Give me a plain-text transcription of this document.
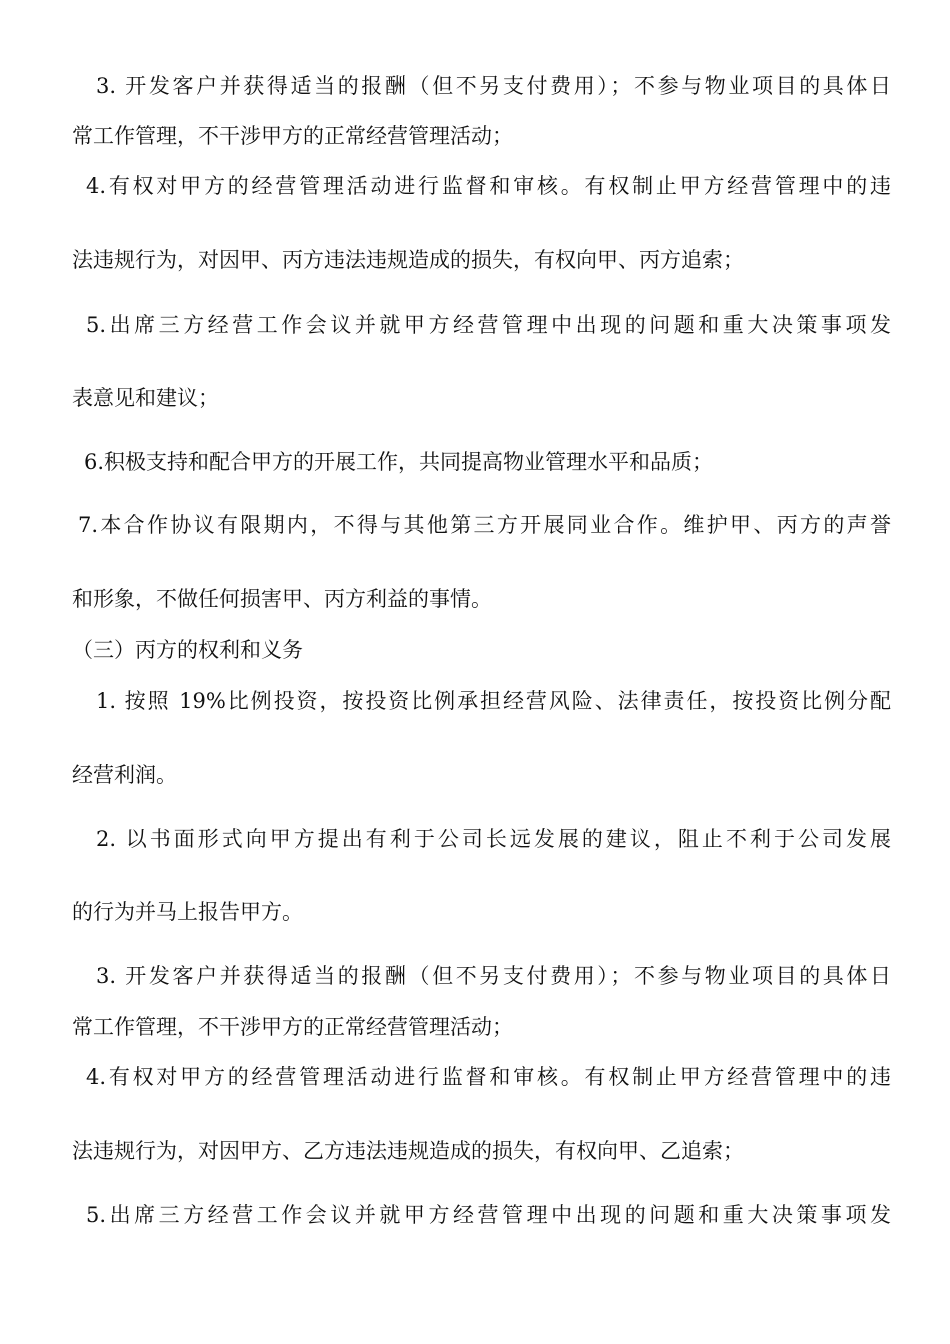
3. 开发客户并获得适当的报酬（但不另支付费用）；不参与物业项目的具体日
常工作管理，不干涉甲方的正常经营管理活动；
4.有权对甲方的经营管理活动进行监督和审核。有权制止甲方经营管理中的违
法违规行为，对因甲、丙方违法违规造成的损失，有权向甲、丙方追索；
5.出席三方经营工作会议并就甲方经营管理中出现的问题和重大决策事项发
表意见和建议；
6.积极支持和配合甲方的开展工作，共同提高物业管理水平和品质；
7.本合作协议有限期内，不得与其他第三方开展同业合作。维护甲、丙方的声誉
和形象，不做任何损害甲、丙方利益的事情。
（三）丙方的权利和义务
1. 按照 19%比例投资，按投资比例承担经营风险、法律责任，按投资比例分配
经营利润。
2. 以书面形式向甲方提出有利于公司长远发展的建议，阻止不利于公司发展
的行为并马上报告甲方。
3. 开发客户并获得适当的报酬（但不另支付费用）；不参与物业项目的具体日
常工作管理，不干涉甲方的正常经营管理活动；
4.有权对甲方的经营管理活动进行监督和审核。有权制止甲方经营管理中的违
法违规行为，对因甲方、乙方违法违规造成的损失，有权向甲、乙追索；
5.出席三方经营工作会议并就甲方经营管理中出现的问题和重大决策事项发
